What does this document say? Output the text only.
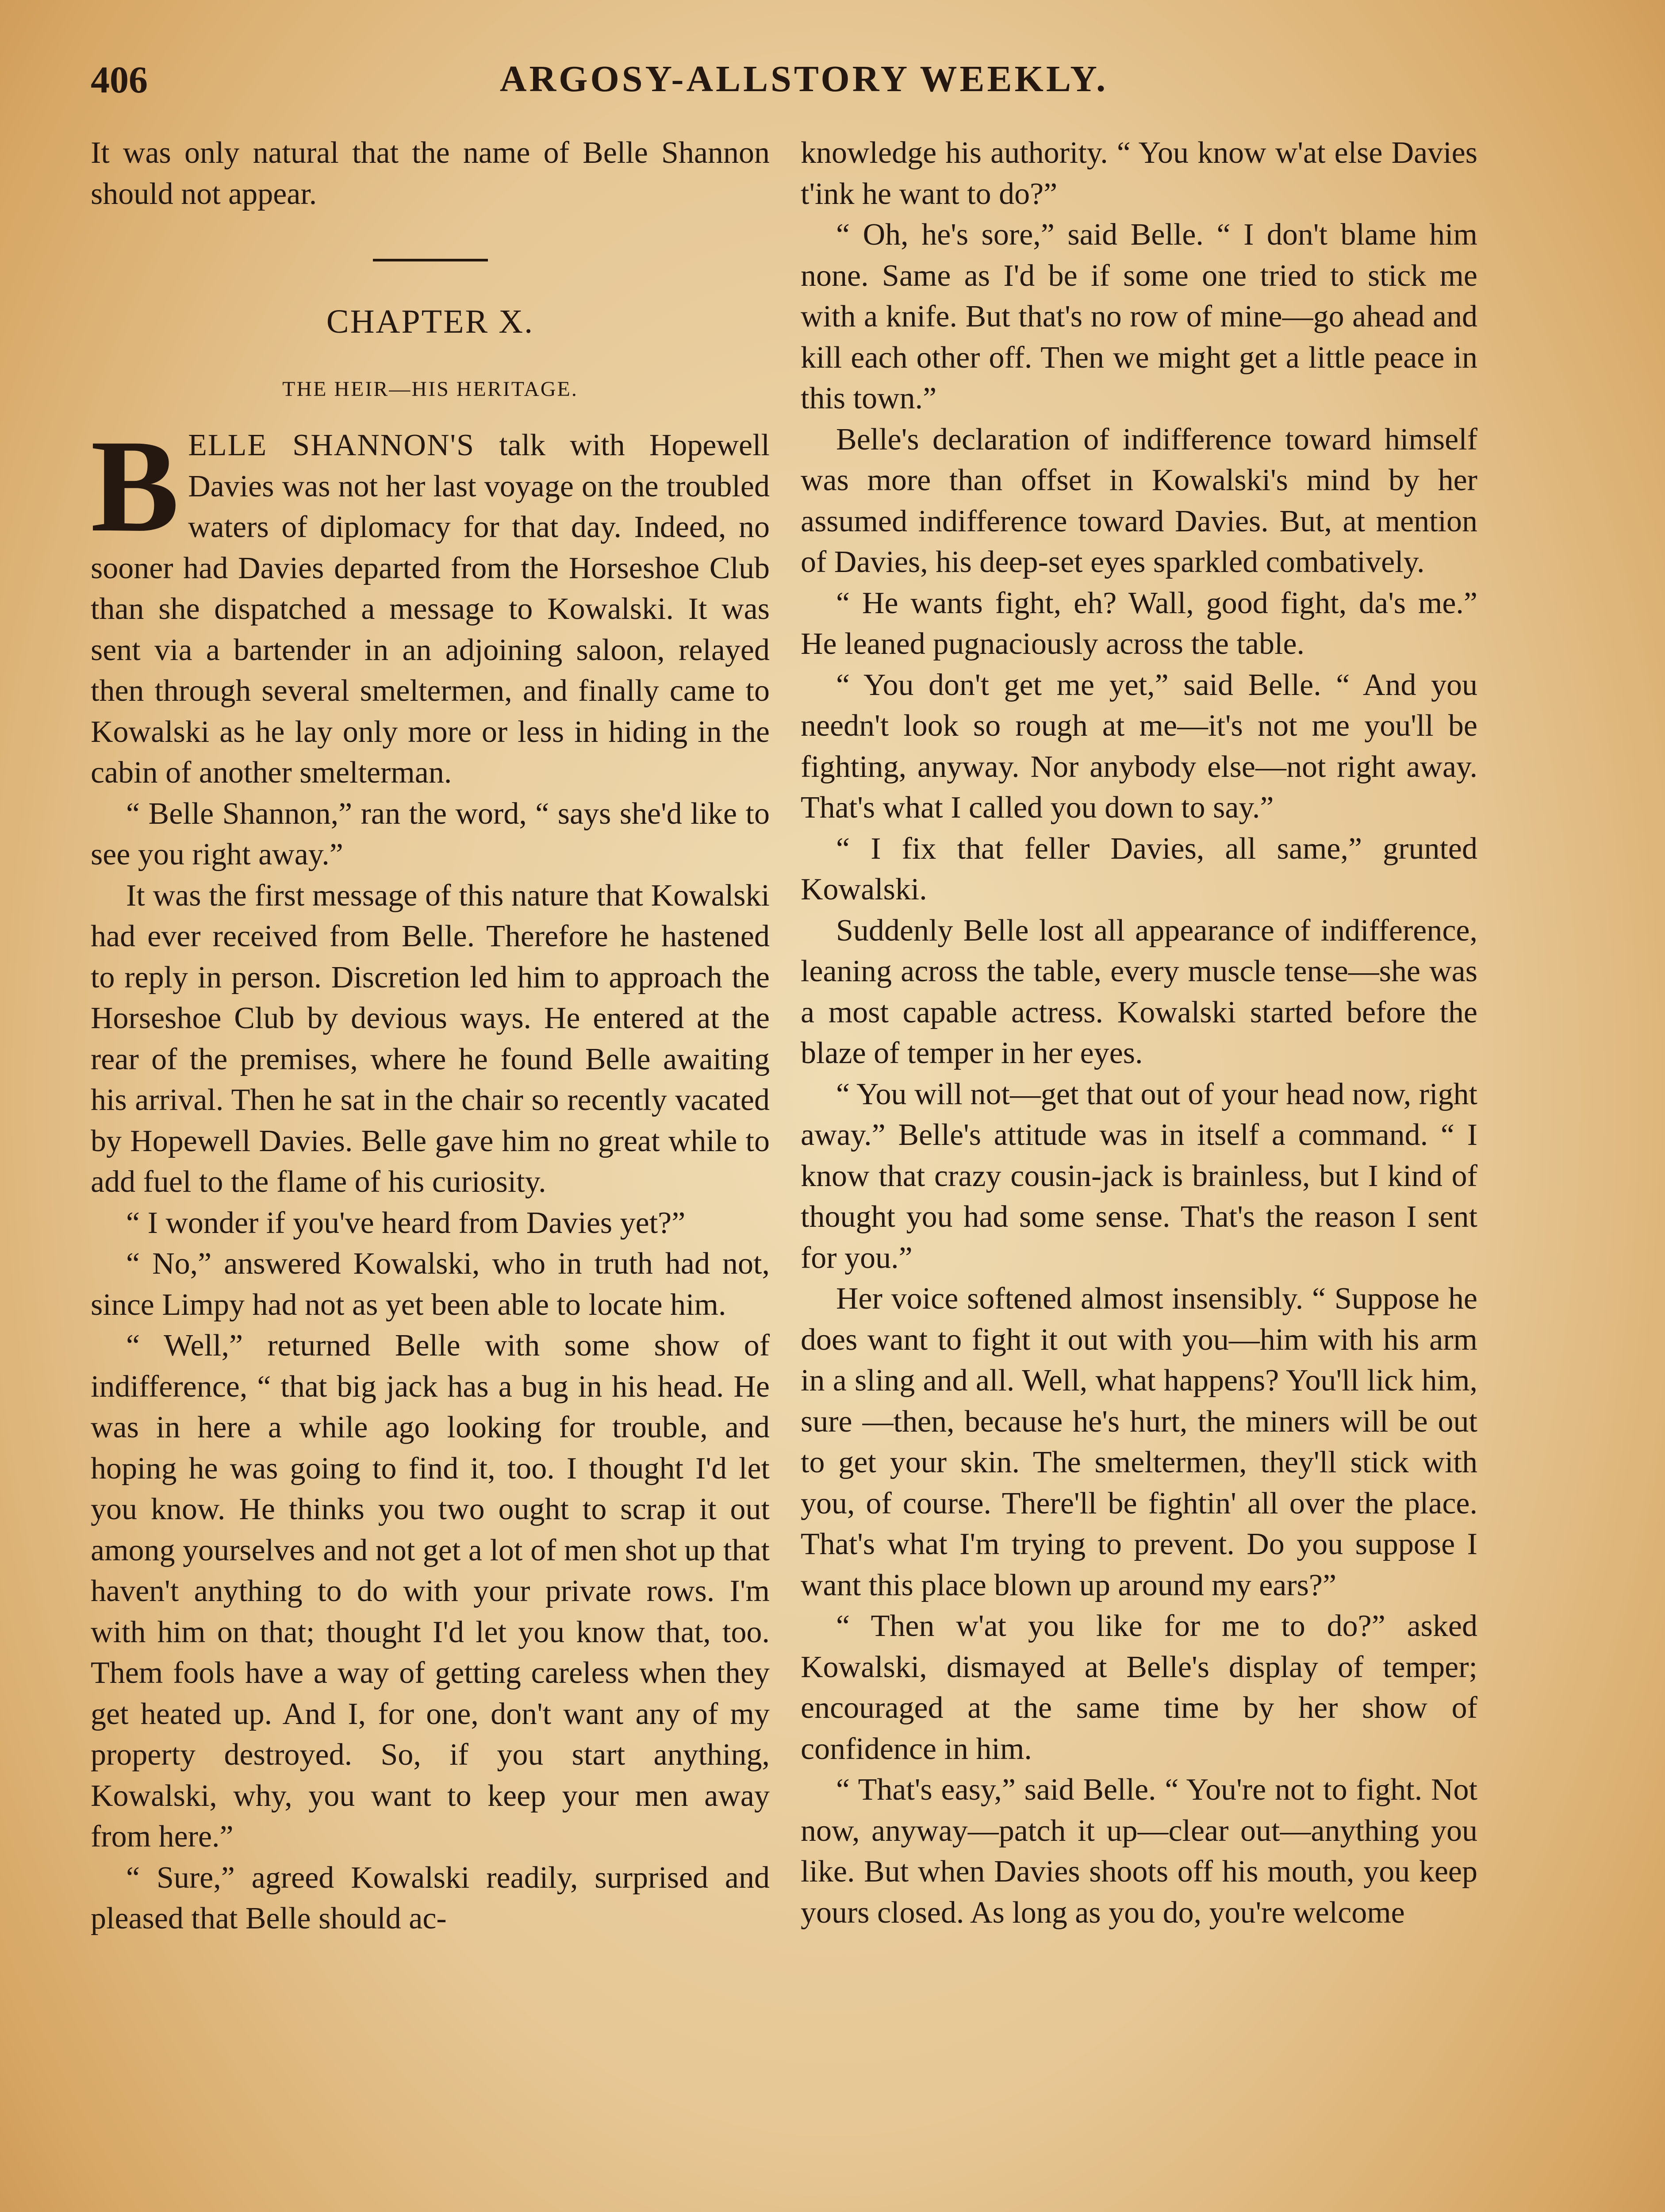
406	ARGOSY-ALLSTORY WEEKLY.

It was only natural that the name of Belle Shannon should not appear.

CHAPTER X.
THE HEIR—HIS HERITAGE.

BELLE SHANNON'S talk with Hopewell Davies was not her last voyage on the troubled waters of diplomacy for that day. Indeed, no sooner had Davies departed from the Horseshoe Club than she dispatched a message to Kowalski. It was sent via a bartender in an adjoining saloon, relayed then through several smeltermen, and finally came to Kowalski as he lay only more or less in hiding in the cabin of another smelterman.

“ Belle Shannon,” ran the word, “ says she'd like to see you right away.”

It was the first message of this nature that Kowalski had ever received from Belle. Therefore he hastened to reply in person. Discretion led him to approach the Horseshoe Club by devious ways. He entered at the rear of the premises, where he found Belle awaiting his arrival. Then he sat in the chair so recently vacated by Hopewell Davies. Belle gave him no great while to add fuel to the flame of his curiosity.

“ I wonder if you've heard from Davies yet?”

“ No,” answered Kowalski, who in truth had not, since Limpy had not as yet been able to locate him.

“ Well,” returned Belle with some show of indifference, “ that big jack has a bug in his head. He was in here a while ago looking for trouble, and hoping he was going to find it, too. I thought I'd let you know. He thinks you two ought to scrap it out among yourselves and not get a lot of men shot up that haven't anything to do with your private rows. I'm with him on that; thought I'd let you know that, too. Them fools have a way of getting careless when they get heated up. And I, for one, don't want any of my property destroyed. So, if you start anything, Kowalski, why, you want to keep your men away from here.”

“ Sure,” agreed Kowalski readily, surprised and pleased that Belle should ac-

knowledge his authority. “ You know w'at else Davies t'ink he want to do?”

“ Oh, he's sore,” said Belle. “ I don't blame him none. Same as I'd be if some one tried to stick me with a knife. But that's no row of mine—go ahead and kill each other off. Then we might get a little peace in this town.”

Belle's declaration of indifference toward himself was more than offset in Kowalski's mind by her assumed indifference toward Davies. But, at mention of Davies, his deep-set eyes sparkled combatively.

“ He wants fight, eh? Wall, good fight, da's me.” He leaned pugnaciously across the table.

“ You don't get me yet,” said Belle. “ And you needn't look so rough at me—it's not me you'll be fighting, anyway. Nor anybody else—not right away. That's what I called you down to say.”

“ I fix that feller Davies, all same,” grunted Kowalski.

Suddenly Belle lost all appearance of indifference, leaning across the table, every muscle tense—she was a most capable actress. Kowalski started before the blaze of temper in her eyes.

“ You will not—get that out of your head now, right away.” Belle's attitude was in itself a command. “ I know that crazy cousin-jack is brainless, but I kind of thought you had some sense. That's the reason I sent for you.”

Her voice softened almost insensibly. “ Suppose he does want to fight it out with you—him with his arm in a sling and all. Well, what happens? You'll lick him, sure —then, because he's hurt, the miners will be out to get your skin. The smeltermen, they'll stick with you, of course. There'll be fightin' all over the place. That's what I'm trying to prevent. Do you suppose I want this place blown up around my ears?”

“ Then w'at you like for me to do?” asked Kowalski, dismayed at Belle's display of temper; encouraged at the same time by her show of confidence in him.

“ That's easy,” said Belle. “ You're not to fight. Not now, anyway—patch it up—clear out—anything you like. But when Davies shoots off his mouth, you keep yours closed. As long as you do, you're welcome
